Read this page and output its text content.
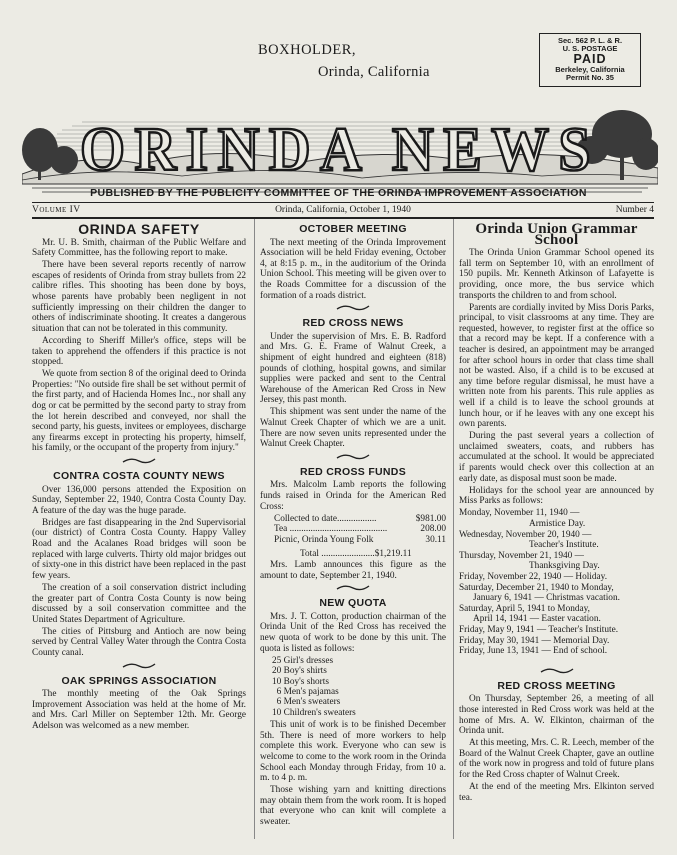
BOXHOLDER,
Orinda, California
Sec. 562 P. L. & R.
U. S. POSTAGE
PAID
Berkeley, California
Permit No. 35
ORINDA NEWS
PUBLISHED BY THE PUBLICITY COMMITTEE OF THE ORINDA IMPROVEMENT ASSOCIATION
Volume IV	Orinda, California, October 1, 1940	Number 4
ORINDA SAFETY

Mr. U. B. Smith, chairman of the Public Welfare and Safety Committee, has the following report to make.

There have been several reports recently of narrow escapes of residents of Orinda from stray bullets from 22 calibre rifles. This shooting has been done by boys, whose parents have probably been negligent in not sufficiently impressing on their children the danger to others of indiscriminate shooting. It creates a dangerous situation that can not be tolerated in this community.

According to Sheriff Miller's office, steps will be taken to apprehend the offenders if this practice is not stopped.

We quote from section 8 of the original deed to Orinda Properties: "No outside fire shall be set without permit of the first party, and of Hacienda Homes Inc., nor shall any dog or cat be permitted by the second party to stray from the lot herein described and conveyed, nor shall the second party, his guests, invitees or employees, discharge any firearms except in protecting his property, himself, his family, or the occupant of the property from injury."

CONTRA COSTA COUNTY NEWS

Over 136,000 persons attended the Exposition on Sunday, September 22, 1940, Contra Costa County Day. A feature of the day was the huge parade.

Bridges are fast disappearing in the 2nd Supervisorial (our district) of Contra Costa County. Happy Valley Road and the Acalanes Road bridges will soon be replaced with large culverts. Thirty old major bridges out of sixty-one in this district have been replaced in the past few years.

The creation of a soil conservation district including the greater part of Contra Costa County is now being discussed by a soil conservation committee and the United States Department of Agriculture.

The cities of Pittsburg and Antioch are now being served by Central Valley Water through the Contra Costa County canal.

OAK SPRINGS ASSOCIATION

The monthly meeting of the Oak Springs Improvement Association was held at the home of Mr. and Mrs. Carl Miller on September 12th. Mr. George Adelson was welcomed as a new member.

OCTOBER MEETING

The next meeting of the Orinda Improvement Association will be held Friday evening, October 4, at 8:15 p. m., in the auditorium of the Orinda Union School. This meeting will be given over to the Roads Committee for a discussion of the formation of a roads district.

RED CROSS NEWS

Under the supervision of Mrs. E. B. Radford and Mrs. G. E. Frame of Walnut Creek, a shipment of eight hundred and eighteen (818) pounds of clothing, hospital gowns, and similar supplies were packed and sent to the Central Warehouse of the American Red Cross in New Jersey, this past month.

This shipment was sent under the name of the Walnut Creek Chapter of which we are a unit. There are now seven units represented under the Walnut Creek Chapter.

RED CROSS FUNDS

Mrs. Malcolm Lamb reports the following funds raised in Orinda for the American Red Cross:

Collected to date.................	$981.00
Tea ..........................................	208.00
Picnic, Orinda Young Folk	30.11
Total .......................$1,219.11

Mrs. Lamb announces this figure as the amount to date, September 21, 1940.

NEW QUOTA

Mrs. J. T. Cotton, production chairman of the Orinda Unit of the Red Cross has received the new quota of work to be done by this unit. The quota is listed as follows:

25 Girl's dresses
20 Boy's shirts
10 Boy's shorts
6 Men's pajamas
6 Men's sweaters
10 Children's sweaters

This unit of work is to be finished December 5th. There is need of more workers to help complete this work. Everyone who can sew is welcome to come to the work room in the Orinda School each Monday through Friday, from 10 a. m. to 4 p. m.

Those wishing yarn and knitting directions may obtain them from the work room. It is hoped that everyone who can knit will complete a sweater.

Orinda Union Grammar School

The Orinda Union Grammar School opened its fall term on September 10, with an enrollment of 150 pupils. Mr. Kenneth Atkinson of Lafayette is providing, once more, the bus service which transports the children to and from school.

Parents are cordially invited by Miss Doris Parks, principal, to visit classrooms at any time. They are requested, however, to register first at the office so that a record may be kept. If a conference with a teacher is desired, an appointment may be arranged for after school hours in order that class time shall not be wasted. Also, if a child is to be excused at any time before regular dismissal, he must have a written note from his parents. This rule applies as well if a child is to leave the school grounds at lunch hour, or if he leaves with any one except his own parents.

During the past several years a collection of unclaimed sweaters, coats, and rubbers has accumulated at the school. It would be appreciated if parents would check over this collection at an early date, as disposal must soon be made.

Holidays for the school year are announced by Miss Parks as follows:

Monday, November 11, 1940 —
Armistice Day.
Wednesday, November 20, 1940 —
Teacher's Institute.
Thursday, November 21, 1940 —
Thanksgiving Day.
Friday, November 22, 1940 — Holiday.
Saturday, December 21, 1940 to Monday,
January 6, 1941 — Christmas vacation.
Saturday, April 5, 1941 to Monday,
April 14, 1941 — Easter vacation.
Friday, May 9, 1941 — Teacher's Institute.
Friday, May 30, 1941 — Memorial Day.
Friday, June 13, 1941 — End of school.
RED CROSS MEETING

On Thursday, September 26, a meeting of all those interested in Red Cross work was held at the home of Mrs. A. W. Elkinton, chairman of the Orinda unit.

At this meeting, Mrs. C. R. Leech, member of the Board of the Walnut Creek Chapter, gave an outline of the work now in progress and told of future plans for the Red Cross chapter of Walnut Creek.

At the end of the meeting Mrs. Elkinton served tea.
